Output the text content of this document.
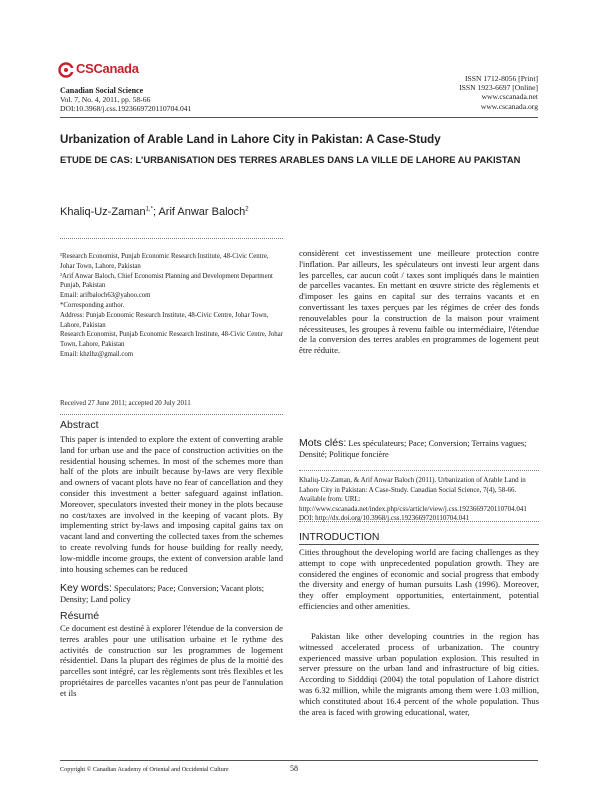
CSCanada
Canadian Social Science
Vol. 7, No. 4, 2011, pp. 58-66
DOI:10.3968/j.css.1923669720110704.041
ISSN 1712-8056 [Print]
ISSN 1923-6697 [Online]
www.cscanada.net
www.cscanada.org
Urbanization of Arable Land in Lahore City in Pakistan: A Case-Study
ETUDE DE CAS: L’URBANISATION DES TERRES ARABLES DANS LA VILLE DE LAHORE AU PAKISTAN
Khaliq-Uz-Zaman$^{1,*}$; Arif Anwar Baloch$^2$
¹Research Economist, Punjab Economic Research Institute, 48-Civic Centre, Johar Town, Lahore, Pakistan
²Arif Anwar Baloch, Chief Economist Planning and Development Department Punjab, Pakistan
Email: arifbaloch63@yahoo.com
*Corresponding author.
Address: Punjab Economic Research Institute, 48-Civic Centre, Johar Town, Lahore, Pakistan
Research Economist, Punjab Economic Research Institute, 48-Civic Centre, Johar Town, Lahore, Pakistan
Email: khzlhz@gmail.com
Received 27 June 2011; accepted 20 July 2011
Abstract
This paper is intended to explore the extent of converting arable land for urban use and the pace of construction activities on the residential housing schemes. In most of the schemes more than half of the plots are inbuilt because by-laws are very flexible and owners of vacant plots have no fear of cancellation and they consider this investment a better safeguard against inflation. Moreover, speculators invested their money in the plots because no cost/taxes are involved in the keeping of vacant plots. By implementing strict by-laws and imposing capital gains tax on vacant land and converting the collected taxes from the schemes to create revolving funds for house building for really needy, low-middle income groups, the extent of conversion arable land into housing schemes can be reduced
Key words: Speculators; Pace; Conversion; Vacant plots; Density; Land policy
Résumé
Ce document est destiné à explorer l'étendue de la conversion de terres arables pour une utilisation urbaine et le rythme des activités de construction sur les programmes de logement résidentiel. Dans la plupart des régimes de plus de la moitié des parcelles sont intégré, car les règlements sont très flexibles et les propriétaires de parcelles vacantes n'ont pas peur de l'annulation et ils
considèrent cet investissement une meilleure protection contre l'inflation. Par ailleurs, les spéculateurs ont investi leur argent dans les parcelles, car aucun coût / taxes sont impliqués dans le maintien de parcelles vacantes. En mettant en œuvre stricte des règlements et d'imposer les gains en capital sur des terrains vacants et en convertissant les taxes perçues par les régimes de créer des fonds renouvelables pour la construction de la maison pour vraiment nécessiteuses, les groupes à revenu faible ou intermédiaire, l'étendue de la conversion des terres arables en programmes de logement peut être réduite.
Mots clés: Les spéculateurs; Pace; Conversion; Terrains vagues; Densité; Politique foncière
Khaliq-Uz-Zaman, & Arif Anwar Baloch (2011). Urbanization of Arable Land in Lahore City in Pakistan: A Case-Study. Canadian Social Science, 7(4), 58-66. Available from: URL: http://www.cscanada.net/index.php/css/article/view/j.css.1923669720110704.041 DOI: http://dx.doi.org/10.3968/j.css.1923669720110704.041
INTRODUCTION
Cities throughout the developing world are facing challenges as they attempt to cope with unprecedented population growth. They are considered the engines of economic and social progress that embody the diversity and energy of human pursuits Lash (1996). Moreover, they offer employment opportunities, entertainment, potential efficiencies and other amenities.
Pakistan like other developing countries in the region has witnessed accelerated process of urbanization. The country experienced massive urban population explosion. This resulted in server pressure on the urban land and infrastructure of big cities. According to Sidddiqi (2004) the total population of Lahore district was 6.32 million, while the migrants among them were 1.03 million, which constituted about 16.4 percent of the whole population. Thus the area is faced with growing educational, water,
Copyright © Canadian Academy of Oriental and Occidental Culture	58
